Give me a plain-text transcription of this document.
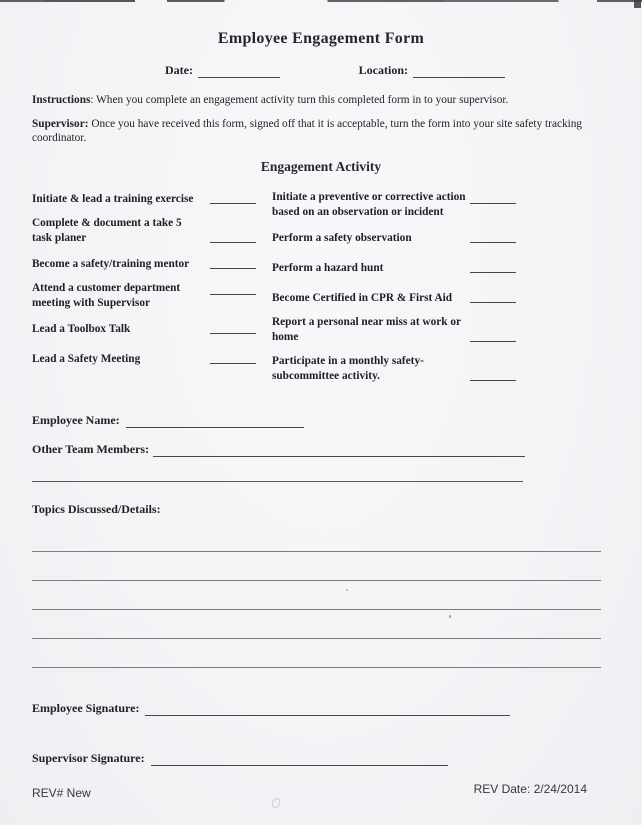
Employee Engagement Form
Date:	Location:

Instructions: When you complete an engagement activity turn this completed form in to your supervisor.

Supervisor: Once you have received this form, signed off that it is acceptable, turn the form into your site safety tracking coordinator.

Engagement Activity
Initiate & lead a training exercise
Complete & document a take 5 task planer
Become a safety/training mentor
Attend a customer department meeting with Supervisor
Lead a Toolbox Talk
Lead a Safety Meeting
Initiate a preventive or corrective action based on an observation or incident
Perform a safety observation
Perform a hazard hunt
Become Certified in CPR & First Aid
Report a personal near miss at work or home
Participate in a monthly safety-subcommittee activity.
Employee Name:
Other Team Members:
Topics Discussed/Details:
Employee Signature:
Supervisor Signature:
REV# New	REV Date: 2/24/2014
